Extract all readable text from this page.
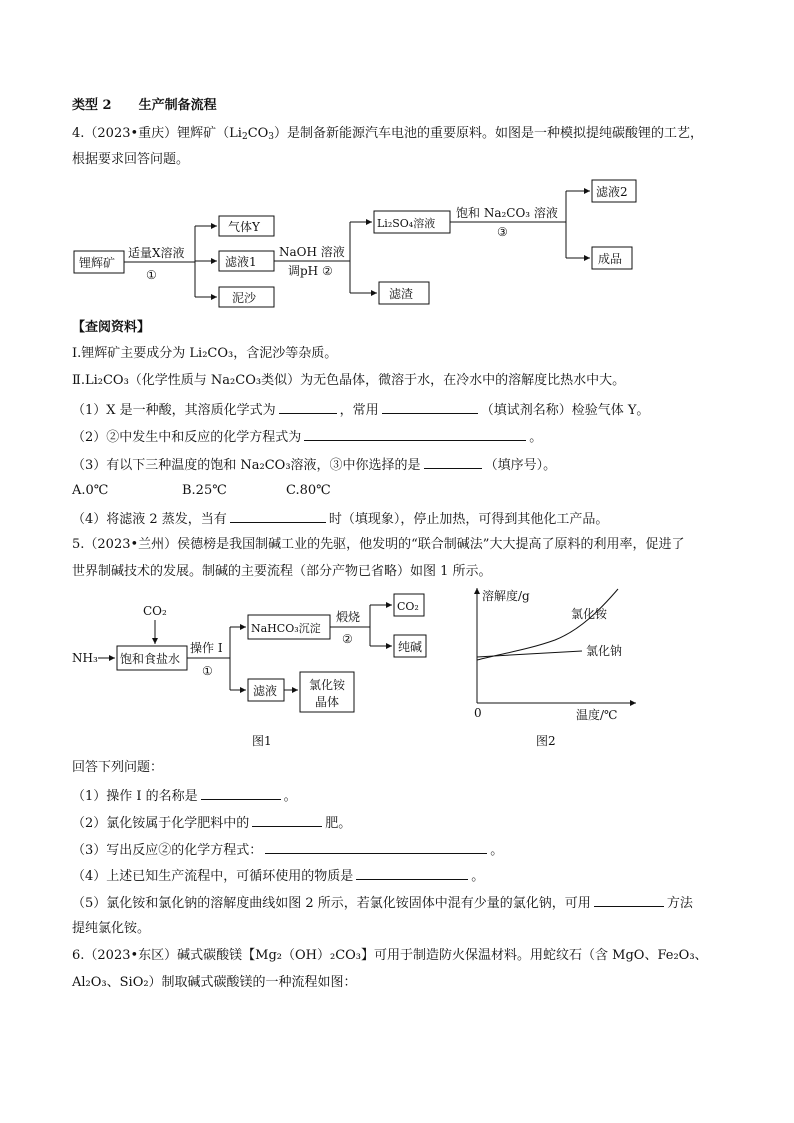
类型 2 生产制备流程
4.（2023•重庆）锂辉矿$(Li_2CO_3)$是制备新能源汽车电池的重要原料。如图是一种模拟提纯碳酸锂的工艺，
根据要求回答问题。
锂辉矿
适量X溶液
①
气体Y
滤液1
泥沙
NaOH 溶液
调pH ②
Li₂SO₄溶液
滤渣
饱和 Na₂CO₃ 溶液
③
滤液2
成品
【查阅资料】
Ⅰ.锂辉矿主要成分为 Li₂CO₃，含泥沙等杂质。
Ⅱ.Li₂CO₃（化学性质与 Na₂CO₃类似）为无色晶体，微溶于水，在冷水中的溶解度比热水中大。
（1）X 是一种酸，其溶质化学式为	，常用	（填试剂名称）检验气体 Y。
（2）②中发生中和反应的化学方程式为	。
（3）有以下三种温度的饱和 Na₂CO₃溶液，③中你选择的是	（填序号）。
A.0℃	B.25℃	C.80℃
（4）将滤液 2 蒸发，当有	时（填现象），停止加热，可得到其他化工产品。
5.（2023•兰州）侯德榜是我国制碱工业的先驱，他发明的“联合制碱法”大大提高了原料的利用率，促进了
世界制碱技术的发展。制碱的主要流程（部分产物已省略）如图 1 所示。
CO₂
NH₃ 饱和食盐水
操作 I
①
NaHCO₃沉淀
煅烧
②
CO₂
纯碱
滤液	氯化铵
晶体
图1
溶解度/g
温度/℃
0
氯化铵
氯化钠
图2
回答下列问题：
（1）操作 I 的名称是	。
（2）氯化铵属于化学肥料中的	肥。
（3）写出反应②的化学方程式：	。
（4）上述已知生产流程中，可循环使用的物质是	。
（5）氯化铵和氯化钠的溶解度曲线如图 2 所示，若氯化铵固体中混有少量的氯化钠，可用	方法
提纯氯化铵。
6.（2023•东区）碱式碳酸镁【Mg₂（OH）₂CO₃】可用于制造防火保温材料。用蛇纹石（含 MgO、Fe₂O₃、
Al₂O₃、SiO₂）制取碱式碳酸镁的一种流程如图：
